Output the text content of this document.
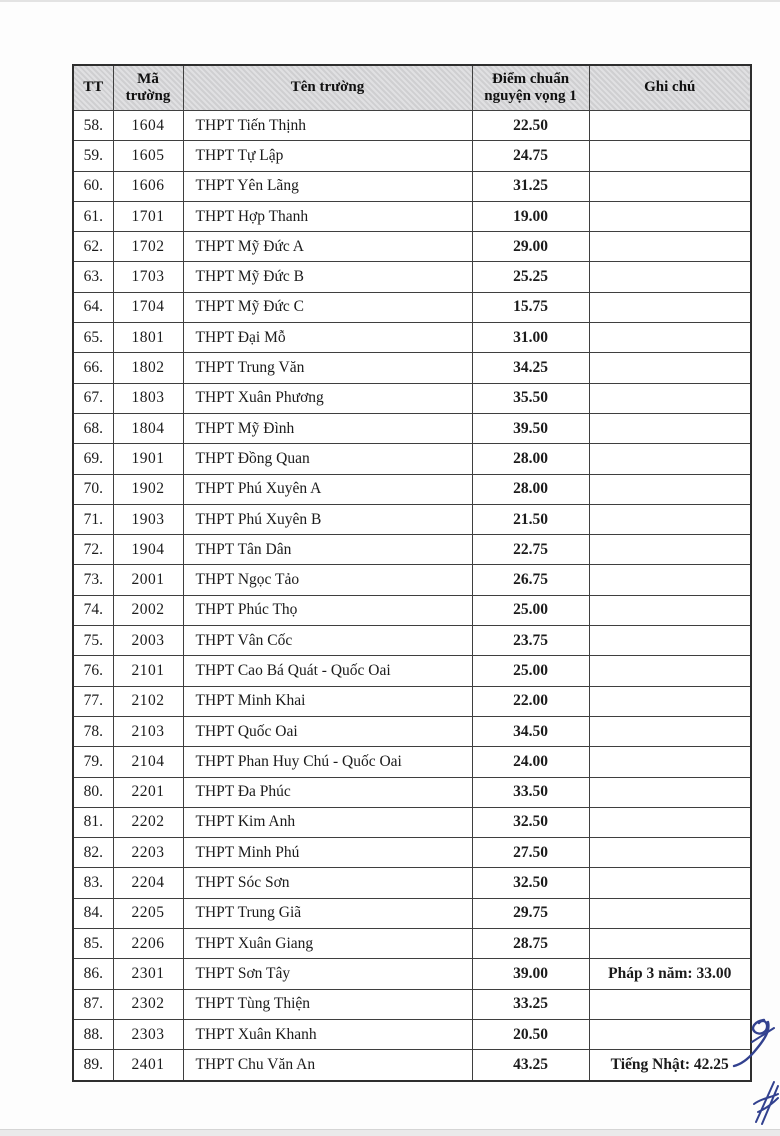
TT	Mã trường	Tên trường	Điểm chuẩn nguyện vọng 1	Ghi chú
58.	1604	THPT Tiến Thịnh	22.50	
59.	1605	THPT Tự Lập	24.75	
60.	1606	THPT Yên Lãng	31.25	
61.	1701	THPT Hợp Thanh	19.00	
62.	1702	THPT Mỹ Đức A	29.00	
63.	1703	THPT Mỹ Đức B	25.25	
64.	1704	THPT Mỹ Đức C	15.75	
65.	1801	THPT Đại Mỗ	31.00	
66.	1802	THPT Trung Văn	34.25	
67.	1803	THPT Xuân Phương	35.50	
68.	1804	THPT Mỹ Đình	39.50	
69.	1901	THPT Đồng Quan	28.00	
70.	1902	THPT Phú Xuyên A	28.00	
71.	1903	THPT Phú Xuyên B	21.50	
72.	1904	THPT Tân Dân	22.75	
73.	2001	THPT Ngọc Tảo	26.75	
74.	2002	THPT Phúc Thọ	25.00	
75.	2003	THPT Vân Cốc	23.75	
76.	2101	THPT Cao Bá Quát - Quốc Oai	25.00	
77.	2102	THPT Minh Khai	22.00	
78.	2103	THPT Quốc Oai	34.50	
79.	2104	THPT Phan Huy Chú - Quốc Oai	24.00	
80.	2201	THPT Đa Phúc	33.50	
81.	2202	THPT Kim Anh	32.50	
82.	2203	THPT Minh Phú	27.50	
83.	2204	THPT Sóc Sơn	32.50	
84.	2205	THPT Trung Giã	29.75	
85.	2206	THPT Xuân Giang	28.75	
86.	2301	THPT Sơn Tây	39.00	Pháp 3 năm: 33.00
87.	2302	THPT Tùng Thiện	33.25	
88.	2303	THPT Xuân Khanh	20.50	
89.	2401	THPT Chu Văn An	43.25	Tiếng Nhật: 42.25
